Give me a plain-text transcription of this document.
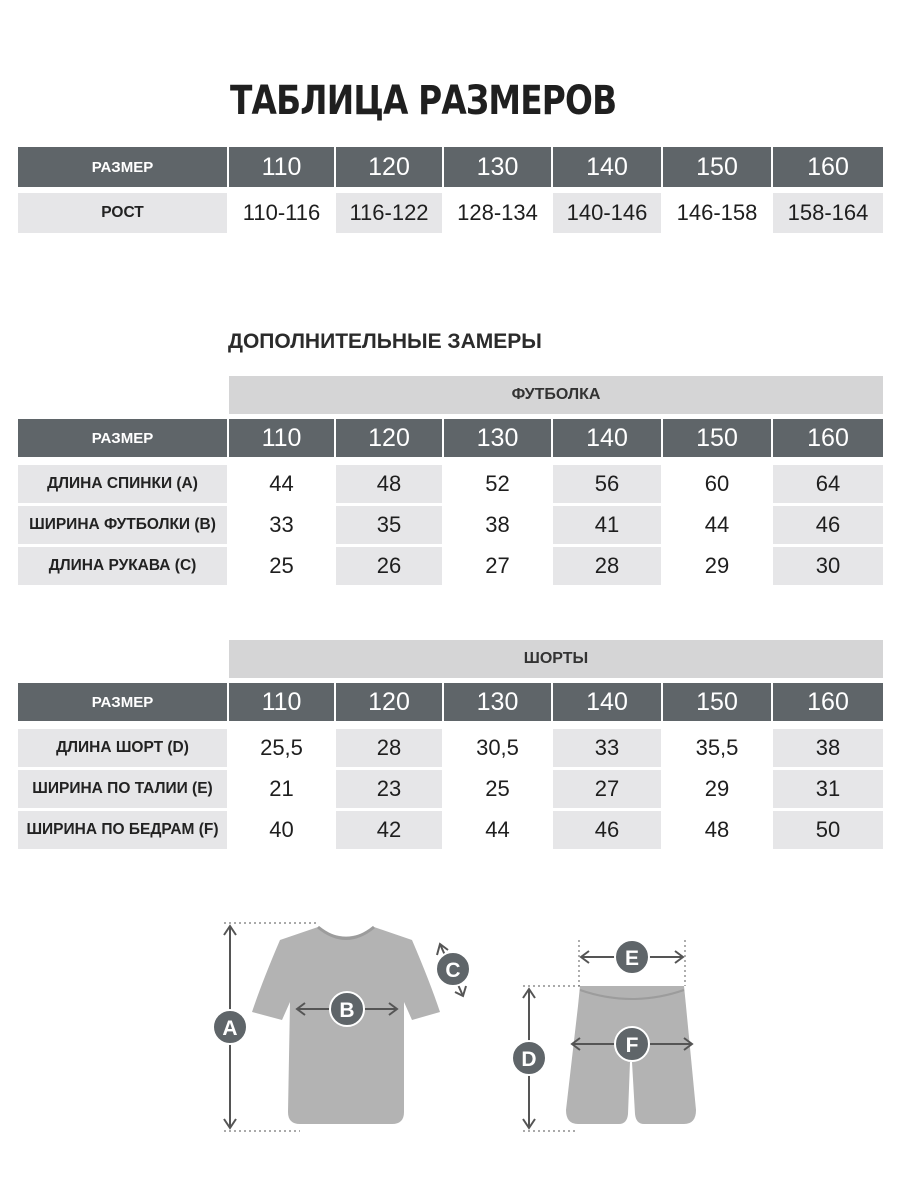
ТАБЛИЦА РАЗМЕРОВ
РАЗМЕР	110	120	130	140	150	160
РОСТ	110-116	116-122	128-134	140-146	146-158	158-164
ДОПОЛНИТЕЛЬНЫЕ ЗАМЕРЫ
ФУТБОЛКА
РАЗМЕР	110	120	130	140	150	160
ДЛИНА СПИНКИ (A)	44	48	52	56	60	64
ШИРИНА ФУТБОЛКИ (B)	33	35	38	41	44	46
ДЛИНА РУКАВА (C)	25	26	27	28	29	30
ШОРТЫ
РАЗМЕР	110	120	130	140	150	160
ДЛИНА ШОРТ (D)	25,5	28	30,5	33	35,5	38
ШИРИНА ПО ТАЛИИ (E)	21	23	25	27	29	31
ШИРИНА ПО БЕДРАМ (F)	40	42	44	46	48	50
A
B
C
D
E
F
